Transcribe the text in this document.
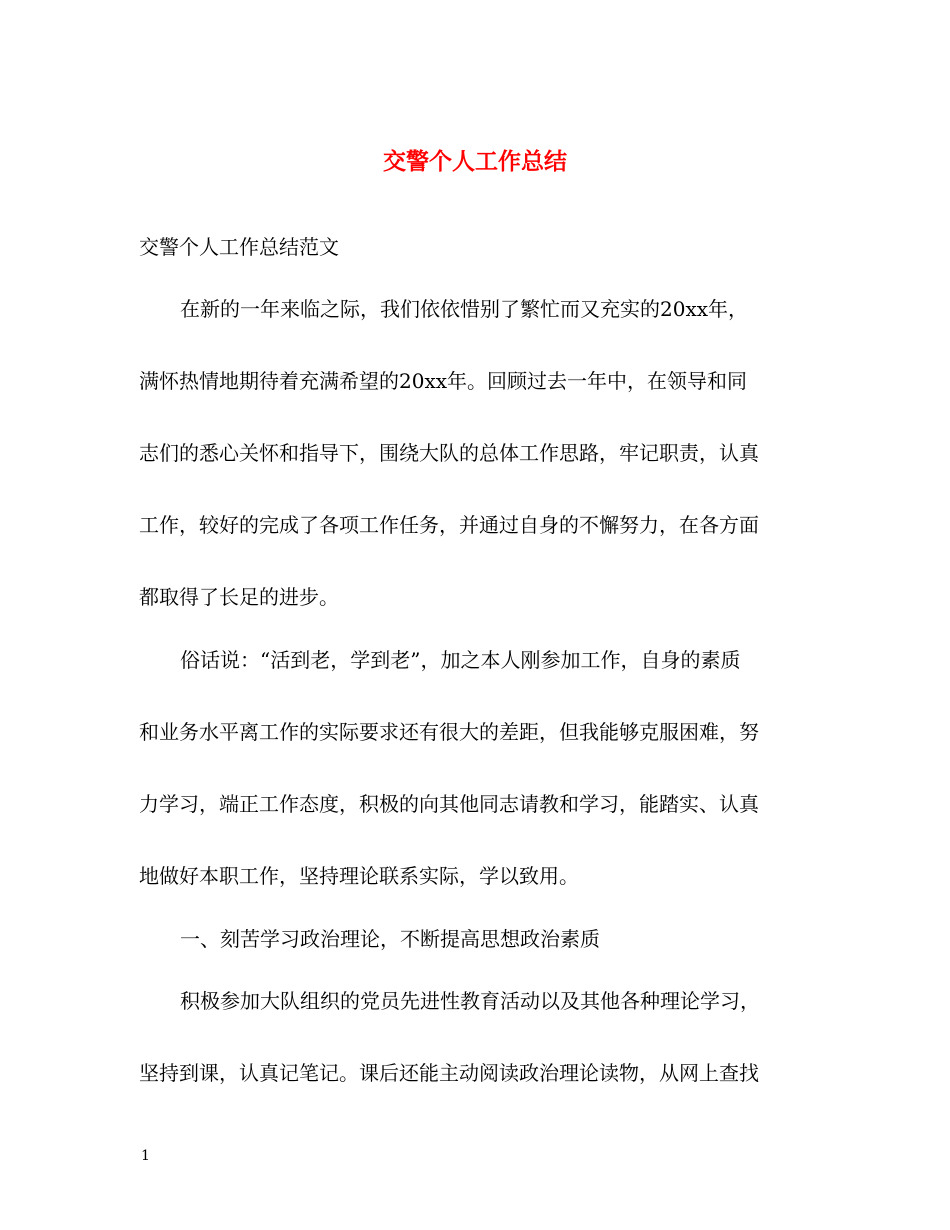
交警个人工作总结

交警个人工作总结范文

在新的一年来临之际，我们依依惜别了繁忙而又充实的20xx年，

满怀热情地期待着充满希望的20xx年。回顾过去一年中，在领导和同

志们的悉心关怀和指导下，围绕大队的总体工作思路，牢记职责，认真

工作，较好的完成了各项工作任务，并通过自身的不懈努力，在各方面

都取得了长足的进步。

俗话说：“活到老，学到老”，加之本人刚参加工作，自身的素质

和业务水平离工作的实际要求还有很大的差距，但我能够克服困难，努

力学习，端正工作态度，积极的向其他同志请教和学习，能踏实、认真

地做好本职工作，坚持理论联系实际，学以致用。

一、刻苦学习政治理论，不断提高思想政治素质

积极参加大队组织的党员先进性教育活动以及其他各种理论学习，

坚持到课，认真记笔记。课后还能主动阅读政治理论读物，从网上查找

1
